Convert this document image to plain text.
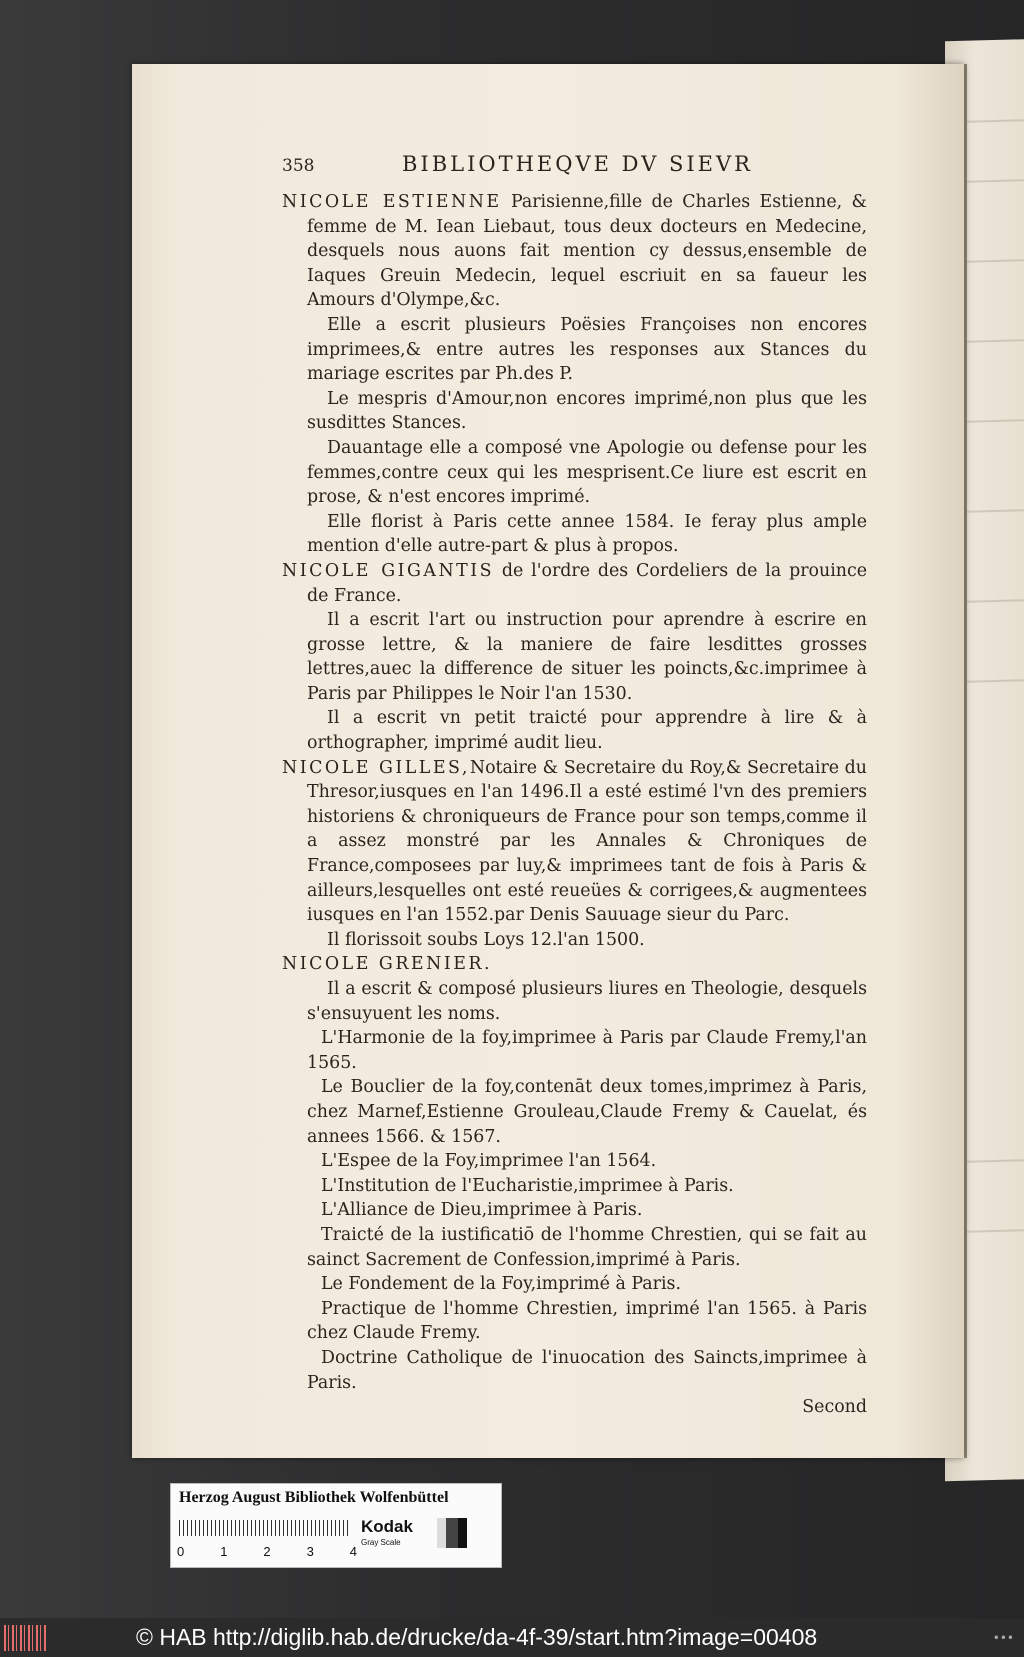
358	BIBLIOTHEQVE DV SIEVR

NICOLE ESTIENNE Parisienne,fille de Charles Estienne, & femme de M. Iean Liebaut, tous deux docteurs en Medecine, desquels nous auons fait mention cy dessus,ensemble de Iaques Greuin Medecin, lequel escriuit en sa faueur les Amours d'Olympe,&c.

Elle a escrit plusieurs Poësies Françoises non encores imprimees,& entre autres les responses aux Stances du mariage escrites par Ph.des P.

Le mespris d'Amour,non encores imprimé,non plus que les susdittes Stances.

Dauantage elle a composé vne Apologie ou defense pour les femmes,contre ceux qui les mesprisent.Ce liure est escrit en prose, & n'est encores imprimé.

Elle florist à Paris cette annee 1584. Ie feray plus ample mention d'elle autre-part & plus à propos.

NICOLE GIGANTIS de l'ordre des Cordeliers de la prouince de France.

Il a escrit l'art ou instruction pour aprendre à escrire en grosse lettre, & la maniere de faire lesdittes grosses lettres,auec la difference de situer les poincts,&c.imprimee à Paris par Philippes le Noir l'an 1530.

Il a escrit vn petit traicté pour apprendre à lire & à orthographer, imprimé audit lieu.

NICOLE GILLES,Notaire & Secretaire du Roy,& Secretaire du Thresor,iusques en l'an 1496.Il a esté estimé l'vn des premiers historiens & chroniqueurs de France pour son temps,comme il a assez monstré par les Annales & Chroniques de France,composees par luy,& imprimees tant de fois à Paris & ailleurs,lesquelles ont esté reueües & corrigees,& augmentees iusques en l'an 1552.par Denis Sauuage sieur du Parc.

Il florissoit soubs Loys 12.l'an 1500.

NICOLE GRENIER.

Il a escrit & composé plusieurs liures en Theologie, desquels s'ensuyuent les noms.

L'Harmonie de la foy,imprimee à Paris par Claude Fremy,l'an 1565.

Le Bouclier de la foy,contenāt deux tomes,imprimez à Paris, chez Marnef,Estienne Grouleau,Claude Fremy & Cauelat, és annees 1566. & 1567.

L'Espee de la Foy,imprimee l'an 1564.

L'Institution de l'Eucharistie,imprimee à Paris.

L'Alliance de Dieu,imprimee à Paris.

Traicté de la iustificatiō de l'homme Chrestien, qui se fait au sainct Sacrement de Confession,imprimé à Paris.

Le Fondement de la Foy,imprimé à Paris.

Practique de l'homme Chrestien, imprimé l'an 1565. à Paris chez Claude Fremy.

Doctrine Catholique de l'inuocation des Saincts,imprimee à Paris.

Second

Herzog August Bibliothek Wolfenbüttel
0	1	2	3	4
Kodak
Gray Scale
© HAB http://diglib.hab.de/drucke/da-4f-39/start.htm?image=00408	•••
